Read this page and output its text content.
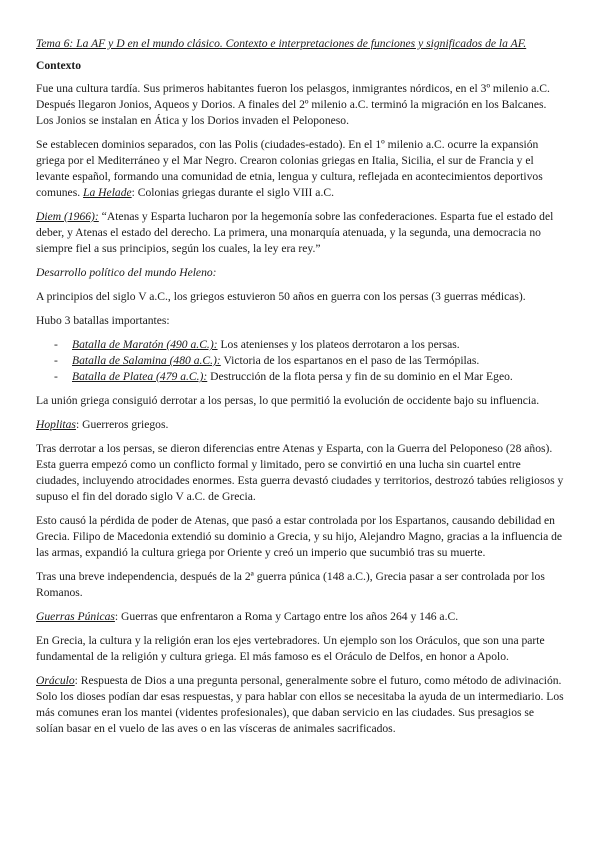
Tema 6: La AF y D en el mundo clásico. Contexto e interpretaciones de funciones y significados de la AF.

Contexto

Fue una cultura tardía. Sus primeros habitantes fueron los pelasgos, inmigrantes nórdicos, en el 3º milenio a.C. Después llegaron Jonios, Aqueos y Dorios. A finales del 2º milenio a.C. terminó la migración en los Balcanes. Los Jonios se instalan en Ática y los Dorios invaden el Peloponeso.

Se establecen dominios separados, con las Polis (ciudades-estado). En el 1º milenio a.C. ocurre la expansión griega por el Mediterráneo y el Mar Negro. Crearon colonias griegas en Italia, Sicilia, el sur de Francia y el levante español, formando una comunidad de etnia, lengua y cultura, reflejada en acontecimientos deportivos comunes. La Helade: Colonias griegas durante el siglo VIII a.C.

Diem (1966): “Atenas y Esparta lucharon por la hegemonía sobre las confederaciones. Esparta fue el estado del deber, y Atenas el estado del derecho. La primera, una monarquía atenuada, y la segunda, una democracia no siempre fiel a sus principios, según los cuales, la ley era rey.”

Desarrollo político del mundo Heleno:

A principios del siglo V a.C., los griegos estuvieron 50 años en guerra con los persas (3 guerras médicas).

Hubo 3 batallas importantes:

- Batalla de Maratón (490 a.C.): Los atenienses y los plateos derrotaron a los persas.
- Batalla de Salamina (480 a.C.): Victoria de los espartanos en el paso de las Termópilas.
- Batalla de Platea (479 a.C.): Destrucción de la flota persa y fin de su dominio en el Mar Egeo.

La unión griega consiguió derrotar a los persas, lo que permitió la evolución de occidente bajo su influencia.

Hoplitas: Guerreros griegos.

Tras derrotar a los persas, se dieron diferencias entre Atenas y Esparta, con la Guerra del Peloponeso (28 años). Esta guerra empezó como un conflicto formal y limitado, pero se convirtió en una lucha sin cuartel entre ciudades, incluyendo atrocidades enormes. Esta guerra devastó ciudades y territorios, destrozó tabúes religiosos y supuso el fin del dorado siglo V a.C. de Grecia.

Esto causó la pérdida de poder de Atenas, que pasó a estar controlada por los Espartanos, causando debilidad en Grecia. Filipo de Macedonia extendió su dominio a Grecia, y su hijo, Alejandro Magno, gracias a la influencia de las armas, expandió la cultura griega por Oriente y creó un imperio que sucumbió tras su muerte.

Tras una breve independencia, después de la 2ª guerra púnica (148 a.C.), Grecia pasar a ser controlada por los Romanos.

Guerras Púnicas: Guerras que enfrentaron a Roma y Cartago entre los años 264 y 146 a.C.

En Grecia, la cultura y la religión eran los ejes vertebradores. Un ejemplo son los Oráculos, que son una parte fundamental de la religión y cultura griega. El más famoso es el Oráculo de Delfos, en honor a Apolo.

Oráculo: Respuesta de Dios a una pregunta personal, generalmente sobre el futuro, como método de adivinación. Solo los dioses podían dar esas respuestas, y para hablar con ellos se necesitaba la ayuda de un intermediario. Los más comunes eran los mantei (videntes profesionales), que daban servicio en las ciudades. Sus presagios se solían basar en el vuelo de las aves o en las vísceras de animales sacrificados.
